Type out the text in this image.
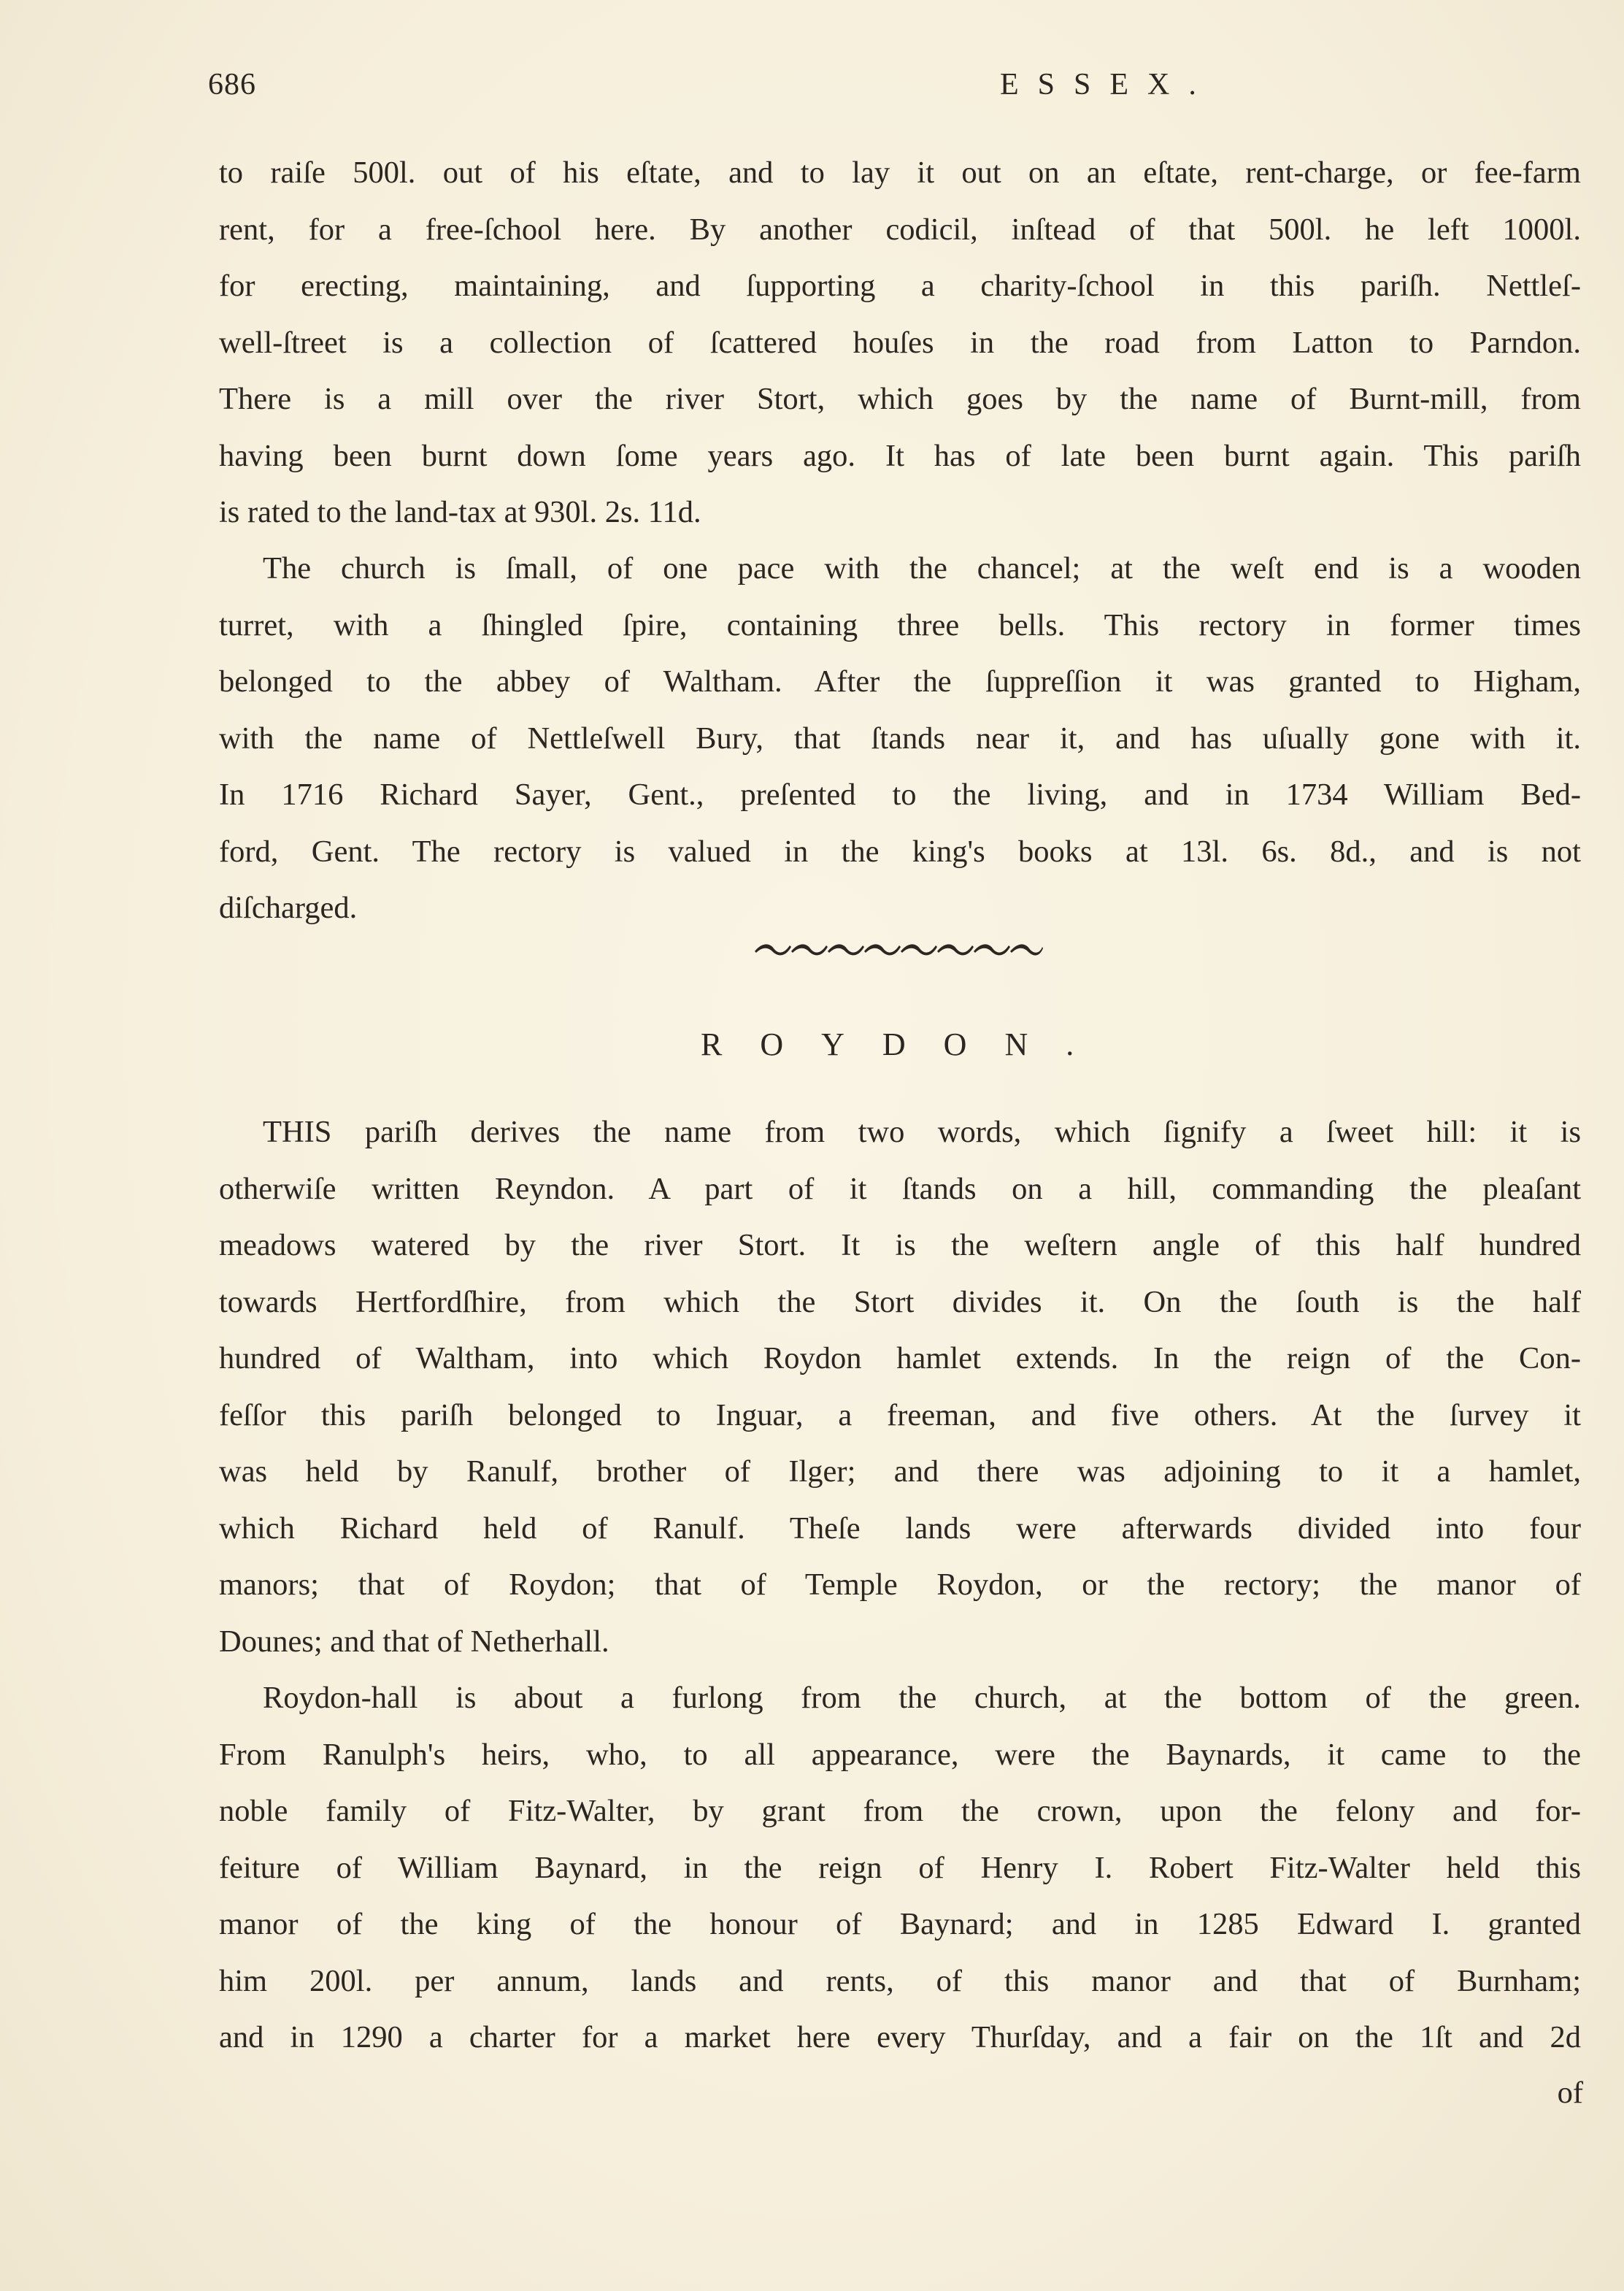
686	ESSEX.
to raiſe 500l. out of his eſtate, and to lay it out on an eſtate, rent-charge, or fee-farm
rent, for a free-ſchool here. By another codicil, inſtead of that 500l. he left 1000l.
for erecting, maintaining, and ſupporting a charity-ſchool in this pariſh. Nettleſ-
well-ſtreet is a collection of ſcattered houſes in the road from Latton to Parndon.
There is a mill over the river Stort, which goes by the name of Burnt-mill, from
having been burnt down ſome years ago. It has of late been burnt again. This pariſh
is rated to the land-tax at 930l. 2s. 11d.
The church is ſmall, of one pace with the chancel; at the weſt end is a wooden
turret, with a ſhingled ſpire, containing three bells. This rectory in former times
belonged to the abbey of Waltham. After the ſuppreſſion it was granted to Higham,
with the name of Nettleſwell Bury, that ſtands near it, and has uſually gone with it.
In 1716 Richard Sayer, Gent., preſented to the living, and in 1734 William Bed-
ford, Gent. The rectory is valued in the king's books at 13l. 6s. 8d., and is not
diſcharged.
ROYDON.
THIS pariſh derives the name from two words, which ſignify a ſweet hill: it is
otherwiſe written Reyndon. A part of it ſtands on a hill, commanding the pleaſant
meadows watered by the river Stort. It is the weſtern angle of this half hundred
towards Hertfordſhire, from which the Stort divides it. On the ſouth is the half
hundred of Waltham, into which Roydon hamlet extends. In the reign of the Con-
feſſor this pariſh belonged to Inguar, a freeman, and five others. At the ſurvey it
was held by Ranulf, brother of Ilger; and there was adjoining to it a hamlet,
which Richard held of Ranulf. Theſe lands were afterwards divided into four
manors; that of Roydon; that of Temple Roydon, or the rectory; the manor of
Dounes; and that of Netherhall.
Roydon-hall is about a furlong from the church, at the bottom of the green.
From Ranulph's heirs, who, to all appearance, were the Baynards, it came to the
noble family of Fitz-Walter, by grant from the crown, upon the felony and for-
feiture of William Baynard, in the reign of Henry I. Robert Fitz-Walter held this
manor of the king of the honour of Baynard; and in 1285 Edward I. granted
him 200l. per annum, lands and rents, of this manor and that of Burnham;
and in 1290 a charter for a market here every Thurſday, and a fair on the 1ſt and 2d
of
